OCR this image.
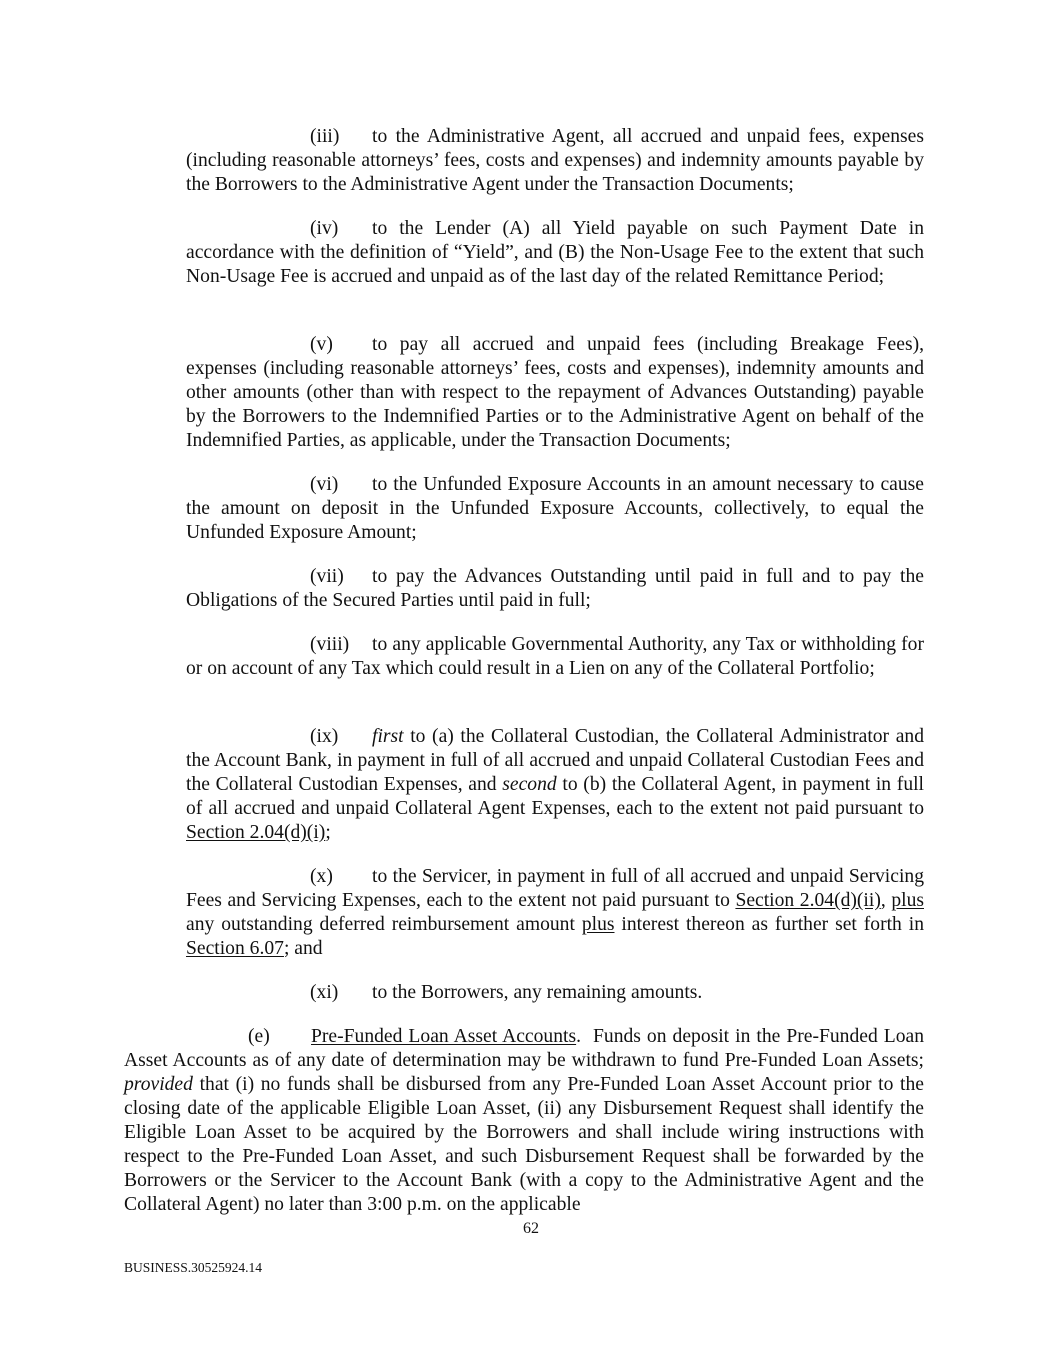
(iii) to the Administrative Agent, all accrued and unpaid fees, expenses (including reasonable attorneys’ fees, costs and expenses) and indemnity amounts payable by the Borrowers to the Administrative Agent under the Transaction Documents;

(iv) to the Lender (A) all Yield payable on such Payment Date in accordance with the definition of “Yield”, and (B) the Non-Usage Fee to the extent that such Non-Usage Fee is accrued and unpaid as of the last day of the related Remittance Period;

(v) to pay all accrued and unpaid fees (including Breakage Fees), expenses (including reasonable attorneys’ fees, costs and expenses), indemnity amounts and other amounts (other than with respect to the repayment of Advances Outstanding) payable by the Borrowers to the Indemnified Parties or to the Administrative Agent on behalf of the Indemnified Parties, as applicable, under the Transaction Documents;

(vi) to the Unfunded Exposure Accounts in an amount necessary to cause the amount on deposit in the Unfunded Exposure Accounts, collectively, to equal the Unfunded Exposure Amount;

(vii) to pay the Advances Outstanding until paid in full and to pay the Obligations of the Secured Parties until paid in full;

(viii) to any applicable Governmental Authority, any Tax or withholding for or on account of any Tax which could result in a Lien on any of the Collateral Portfolio;

(ix) first to (a) the Collateral Custodian, the Collateral Administrator and the Account Bank, in payment in full of all accrued and unpaid Collateral Custodian Fees and the Collateral Custodian Expenses, and second to (b) the Collateral Agent, in payment in full of all accrued and unpaid Collateral Agent Expenses, each to the extent not paid pursuant to Section 2.04(d)(i);

(x) to the Servicer, in payment in full of all accrued and unpaid Servicing Fees and Servicing Expenses, each to the extent not paid pursuant to Section 2.04(d)(ii), plus any outstanding deferred reimbursement amount plus interest thereon as further set forth in Section 6.07; and

(xi) to the Borrowers, any remaining amounts.

(e) Pre-Funded Loan Asset Accounts.  Funds on deposit in the Pre-Funded Loan Asset Accounts as of any date of determination may be withdrawn to fund Pre-Funded Loan Assets; provided that (i) no funds shall be disbursed from any Pre-Funded Loan Asset Account prior to the closing date of the applicable Eligible Loan Asset, (ii) any Disbursement Request shall identify the Eligible Loan Asset to be acquired by the Borrowers and shall include wiring instructions with respect to the Pre-Funded Loan Asset, and such Disbursement Request shall be forwarded by the Borrowers or the Servicer to the Account Bank (with a copy to the Administrative Agent and the Collateral Agent) no later than 3:00 p.m. on the applicable

62
BUSINESS.30525924.14
